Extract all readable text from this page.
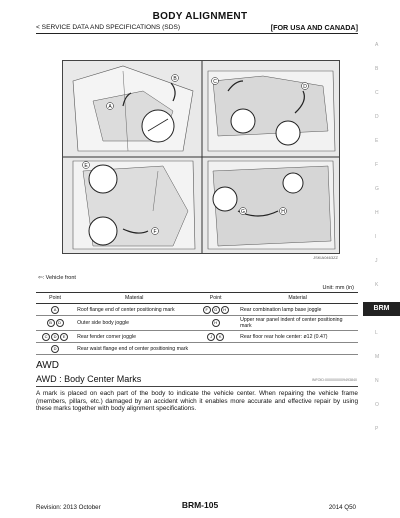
BODY ALIGNMENT
< SERVICE DATA AND SPECIFICATIONS (SDS)	[FOR USA AND CANADA]
A
B
C
D
E
F
G
H
I
J
K
L
M
N
O
P
BRM
A
B	C
D
E
F
G	H
JSKIA0463ZZ
⇦: Vehicle front
Unit: mm (in)
Point	Material	Point	Material
A	Roof flange end of center positioning mark	F G H	Rear combination lamp base joggle
B D	Outer side body joggle	H	Upper rear panel indent of center positioning mark
C D E	Rear fender corner joggle	J K	Rear floor rear hole center: ø12 (0.47)
D	Rear waist flange end of center positioning mark		
AWD
AWD : Body Center Marks	INFOID:0000000009493840
A mark is placed on each part of the body to indicate the vehicle center. When repairing the vehicle frame (members, pillars, etc.) damaged by an accident which it enables more accurate and effective repair by using these marks together with body alignment specifications.
Revision: 2013 October	BRM-105	2014 Q50
